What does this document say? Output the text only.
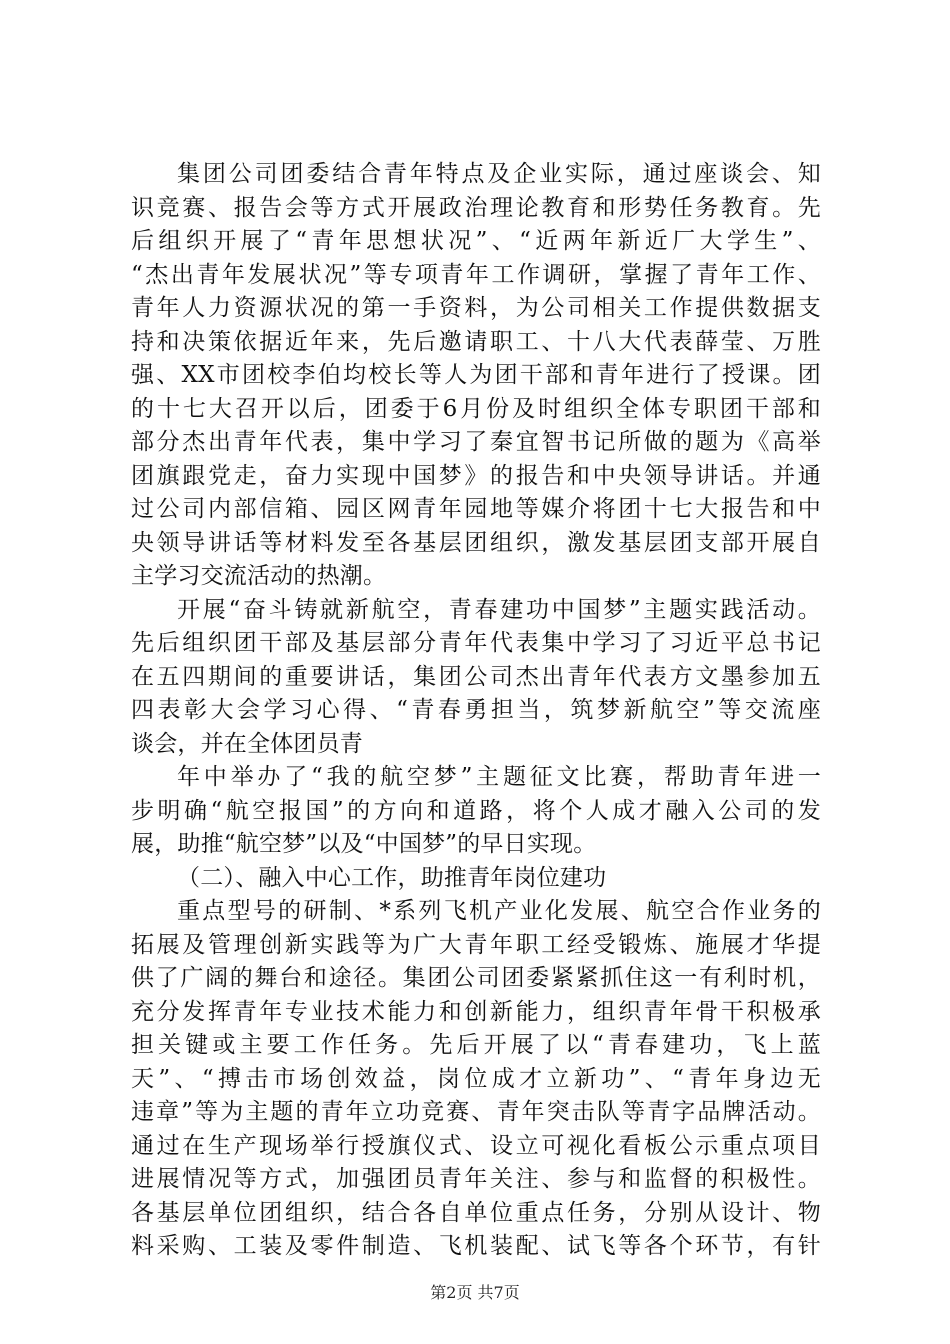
集团公司团委结合青年特点及企业实际，通过座谈会、知
识竞赛、报告会等方式开展政治理论教育和形势任务教育。先
后组织开展了“青年思想状况”、“近两年新近厂大学生”、
“杰出青年发展状况”等专项青年工作调研，掌握了青年工作、
青年人力资源状况的第一手资料，为公司相关工作提供数据支
持和决策依据近年来，先后邀请职工、十八大代表薛莹、万胜
强、XX市团校李伯均校长等人为团干部和青年进行了授课。团
的十七大召开以后，团委于6月份及时组织全体专职团干部和
部分杰出青年代表，集中学习了秦宜智书记所做的题为《高举
团旗跟党走，奋力实现中国梦》的报告和中央领导讲话。并通
过公司内部信箱、园区网青年园地等媒介将团十七大报告和中
央领导讲话等材料发至各基层团组织，激发基层团支部开展自
主学习交流活动的热潮。
开展“奋斗铸就新航空，青春建功中国梦”主题实践活动。
先后组织团干部及基层部分青年代表集中学习了习近平总书记
在五四期间的重要讲话，集团公司杰出青年代表方文墨参加五
四表彰大会学习心得、“青春勇担当，筑梦新航空”等交流座
谈会，并在全体团员青
年中举办了“我的航空梦”主题征文比赛，帮助青年进一
步明确“航空报国”的方向和道路，将个人成才融入公司的发
展，助推“航空梦”以及“中国梦”的早日实现。
（二）、融入中心工作，助推青年岗位建功
重点型号的研制、*系列飞机产业化发展、航空合作业务的
拓展及管理创新实践等为广大青年职工经受锻炼、施展才华提
供了广阔的舞台和途径。集团公司团委紧紧抓住这一有利时机，
充分发挥青年专业技术能力和创新能力，组织青年骨干积极承
担关键或主要工作任务。先后开展了以“青春建功，飞上蓝
天”、“搏击市场创效益，岗位成才立新功”、“青年身边无
违章”等为主题的青年立功竞赛、青年突击队等青字品牌活动。
通过在生产现场举行授旗仪式、设立可视化看板公示重点项目
进展情况等方式，加强团员青年关注、参与和监督的积极性。
各基层单位团组织，结合各自单位重点任务，分别从设计、物
料采购、工装及零件制造、飞机装配、试飞等各个环节，有针
第2页 共7页
